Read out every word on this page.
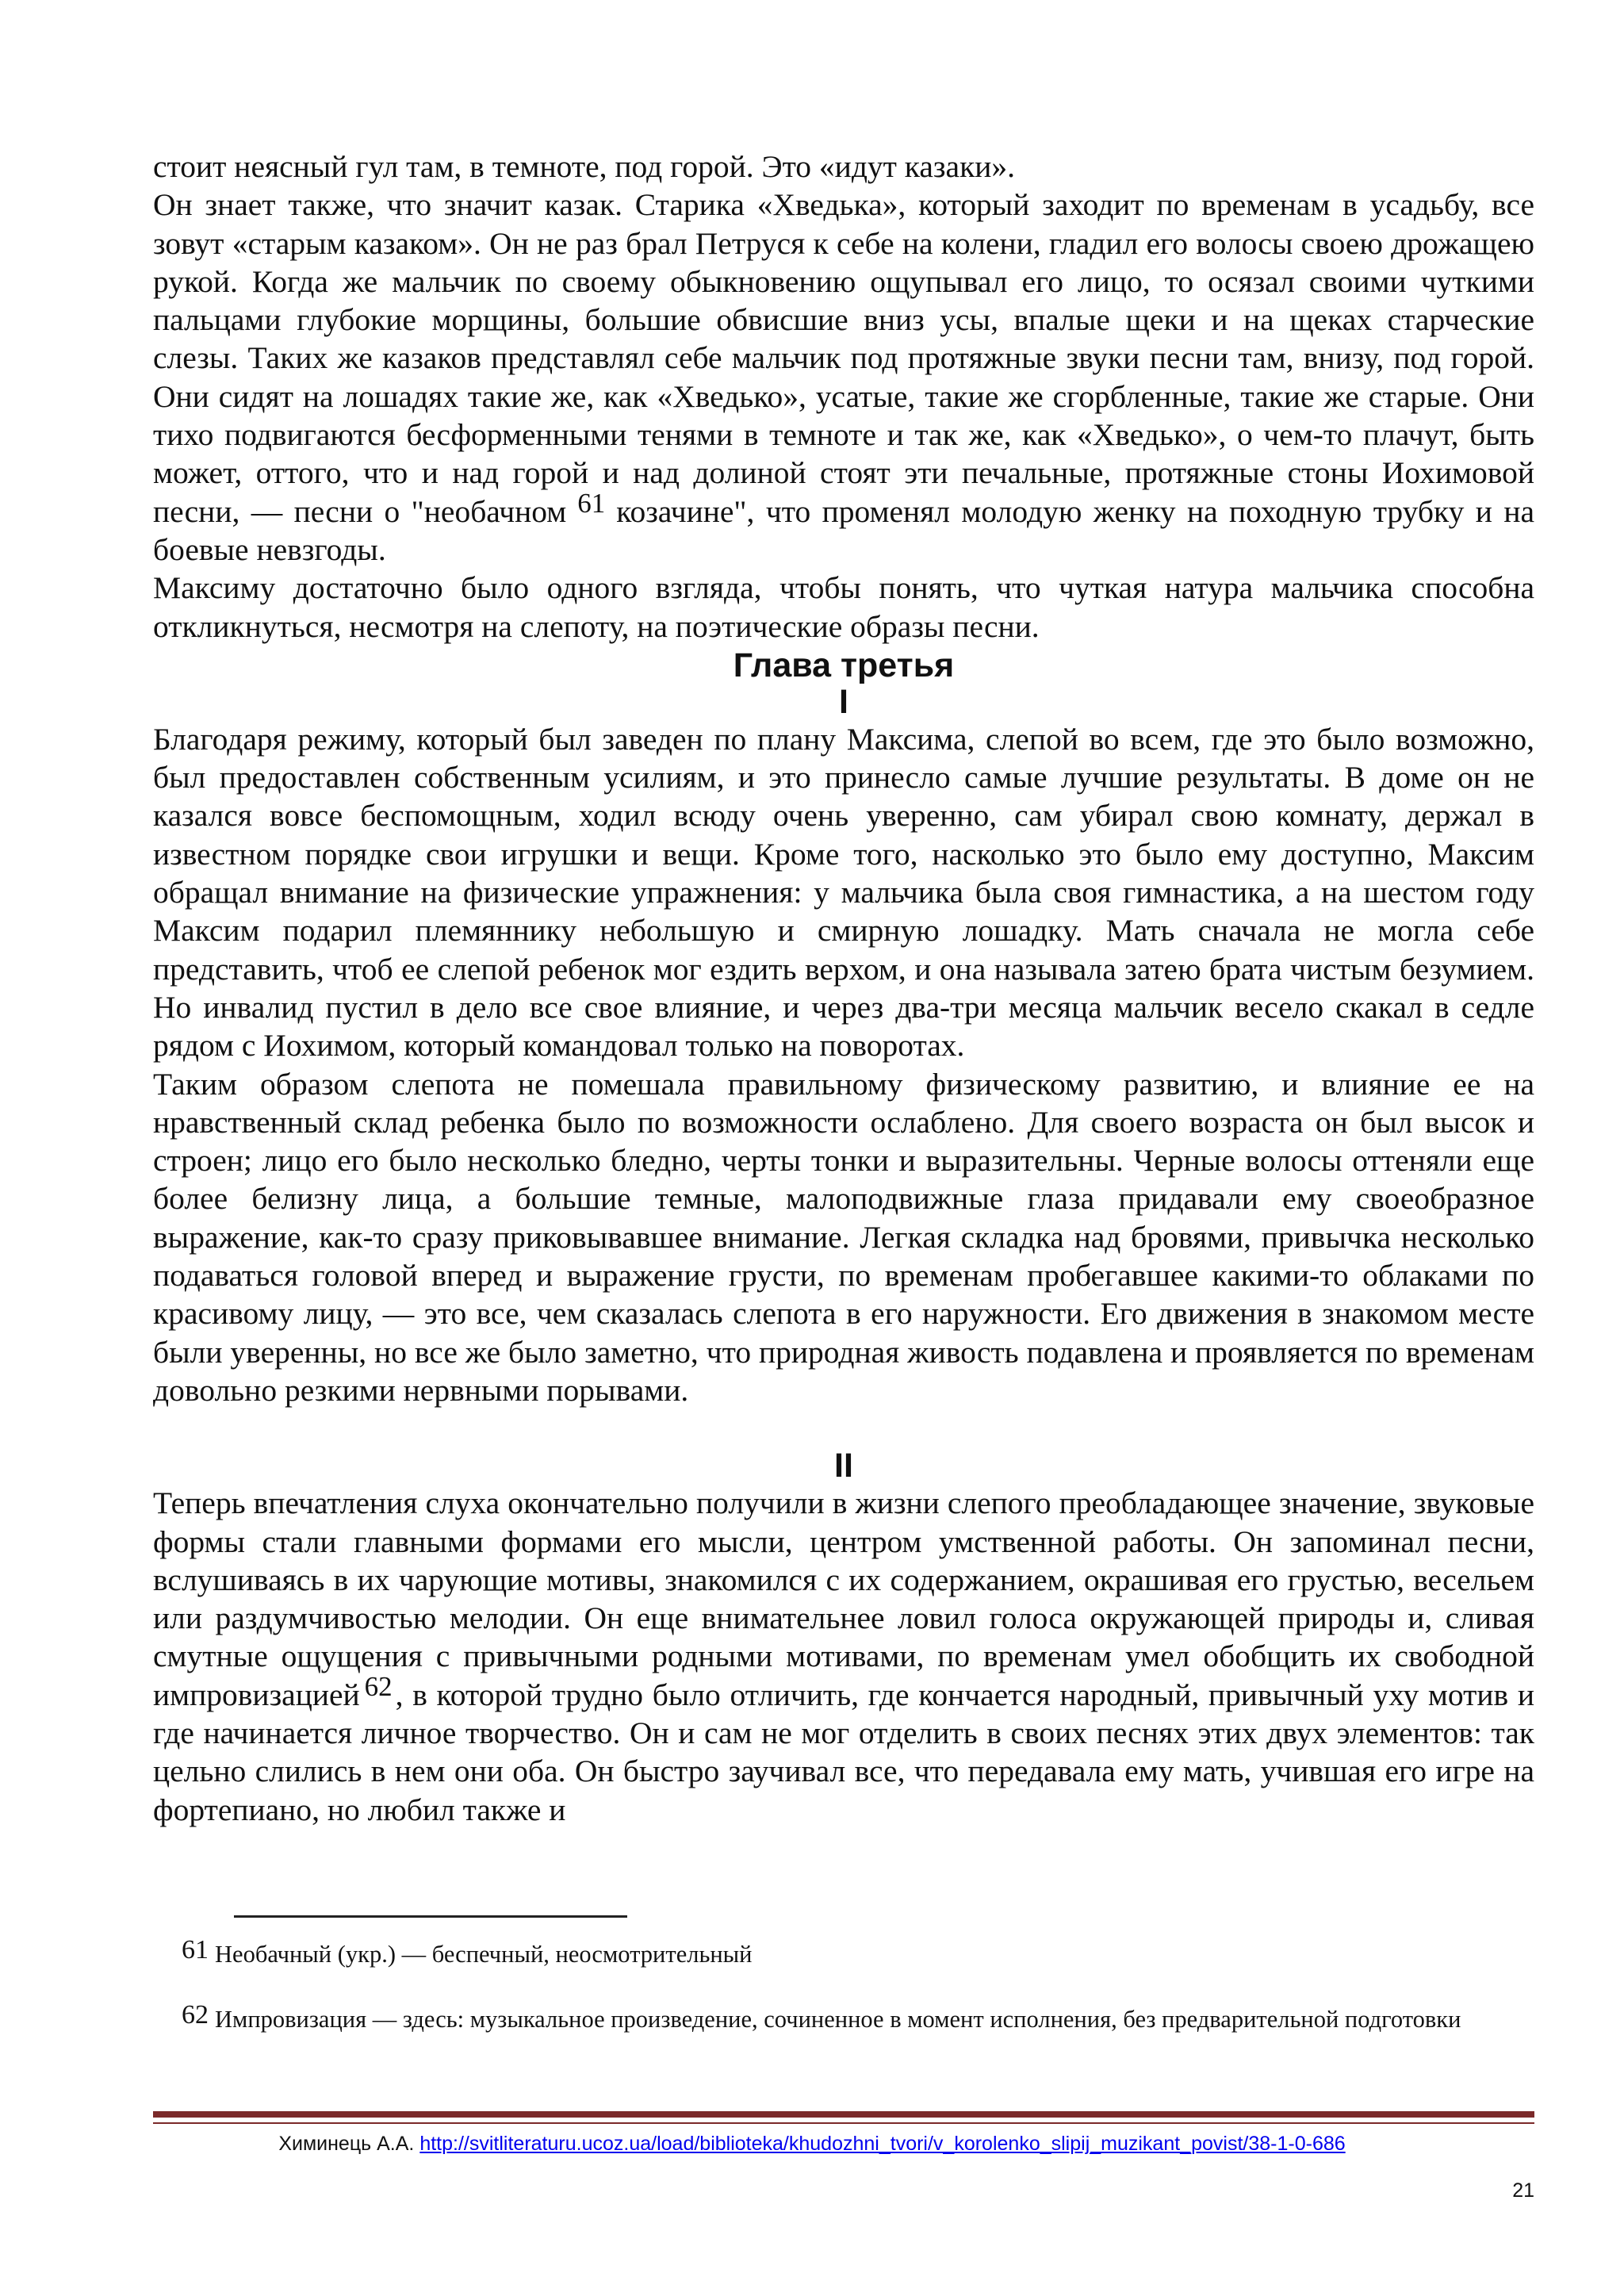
стоит неясный гул там, в темноте, под горой. Это «идут казаки».

Он знает также, что значит казак. Старика «Хведька», который заходит по временам в усадьбу, все зовут «старым казаком». Он не раз брал Петруся к себе на колени, гладил его волосы своею дрожащею рукой. Когда же мальчик по своему обыкновению ощупывал его лицо, то осязал своими чуткими пальцами глубокие морщины, большие обвисшие вниз усы, впалые щеки и на щеках старческие слезы. Таких же казаков представлял себе мальчик под протяжные звуки песни там, внизу, под горой. Они сидят на лошадях такие же, как «Хведько», усатые, такие же сгорбленные, такие же старые. Они тихо подвигаются бесформенными тенями в темноте и так же, как «Хведько», о чем-то плачут, быть может, оттого, что и над горой и над долиной стоят эти печальные, протяжные стоны Иохимовой песни, — песни о "необачном 61 козачине", что променял молодую женку на походную трубку и на боевые невзгоды.

Максиму достаточно было одного взгляда, чтобы понять, что чуткая натура мальчика способна откликнуться, несмотря на слепоту, на поэтические образы песни.

Глава третья
I

Благодаря режиму, который был заведен по плану Максима, слепой во всем, где это было возможно, был предоставлен собственным усилиям, и это принесло самые лучшие результаты. В доме он не казался вовсе беспомощным, ходил всюду очень уверенно, сам убирал свою комнату, держал в известном порядке свои игрушки и вещи. Кроме того, насколько это было ему доступно, Максим обращал внимание на физические упражнения: у мальчика была своя гимнастика, а на шестом году Максим подарил племяннику небольшую и смирную лошадку. Мать сначала не могла себе представить, чтоб ее слепой ребенок мог ездить верхом, и она называла затею брата чистым безумием. Но инвалид пустил в дело все свое влияние, и через два-три месяца мальчик весело скакал в седле рядом с Иохимом, который командовал только на поворотах.

Таким образом слепота не помешала правильному физическому развитию, и влияние ее на нравственный склад ребенка было по возможности ослаблено. Для своего возраста он был высок и строен; лицо его было несколько бледно, черты тонки и выразительны. Черные волосы оттеняли еще более белизну лица, а большие темные, малоподвижные глаза придавали ему своеобразное выражение, как-то сразу приковывавшее внимание. Легкая складка над бровями, привычка несколько подаваться головой вперед и выражение грусти, по временам пробегавшее какими-то облаками по красивому лицу, — это все, чем сказалась слепота в его наружности. Его движения в знакомом месте были уверенны, но все же было заметно, что природная живость подавлена и проявляется по временам довольно резкими нервными порывами.

II

Теперь впечатления слуха окончательно получили в жизни слепого преобладающее значение, звуковые формы стали главными формами его мысли, центром умственной работы. Он запоминал песни, вслушиваясь в их чарующие мотивы, знакомился с их содержанием, окрашивая его грустью, весельем или раздумчивостью мелодии. Он еще внимательнее ловил голоса окружающей природы и, сливая смутные ощущения с привычными родными мотивами, по временам умел обобщить их свободной импровизацией 62 , в которой трудно было отличить, где кончается народный, привычный уху мотив и где начинается личное творчество. Он и сам не мог отделить в своих песнях этих двух элементов: так цельно слились в нем они оба. Он быстро заучивал все, что передавала ему мать, учившая его игре на фортепиано, но любил также и

61 Необачный (укр.) — беспечный, неосмотрительный

62 Импровизация — здесь: музыкальное произведение, сочиненное в момент исполнения, без предварительной подготовки

Химинець А.А. http://svitliteraturu.ucoz.ua/load/biblioteka/khudozhni_tvori/v_korolenko_slipij_muzikant_povist/38-1-0-686
21
